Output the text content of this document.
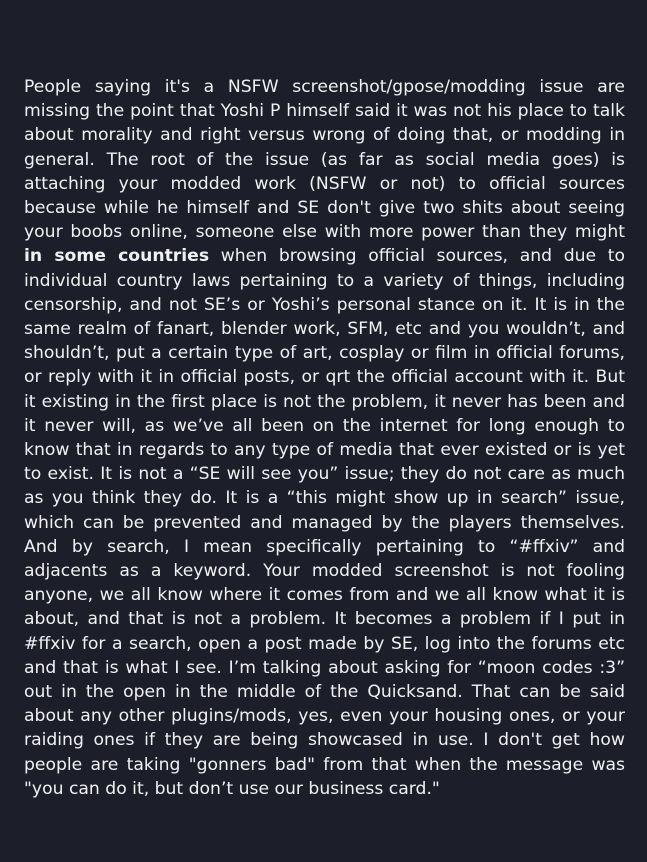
People saying it's a NSFW screenshot/gpose/modding issue are missing the point that Yoshi P himself said it was not his place to talk about morality and right versus wrong of doing that, or modding in general. The root of the issue (as far as social media goes) is attaching your modded work (NSFW or not) to official sources because while he himself and SE don't give two shits about seeing your boobs online, someone else with more power than they might in some countries when browsing official sources, and due to individual country laws pertaining to a variety of things, including censorship, and not SE’s or Yoshi’s personal stance on it. It is in the same realm of fanart, blender work, SFM, etc and you wouldn’t, and shouldn’t, put a certain type of art, cosplay or film in official forums, or reply with it in official posts, or qrt the official account with it. But it existing in the first place is not the problem, it never has been and it never will, as we’ve all been on the internet for long enough to know that in regards to any type of media that ever existed or is yet to exist. It is not a “SE will see you” issue; they do not care as much as you think they do. It is a “this might show up in search” issue, which can be prevented and managed by the players themselves. And by search, I mean specifically pertaining to “#ffxiv” and adjacents as a keyword. Your modded screenshot is not fooling anyone, we all know where it comes from and we all know what it is about, and that is not a problem. It becomes a problem if I put in #ffxiv for a search, open a post made by SE, log into the forums etc and that is what I see. I’m talking about asking for “moon codes :3” out in the open in the middle of the Quicksand. That can be said about any other plugins/mods, yes, even your housing ones, or your raiding ones if they are being showcased in use. I don't get how people are taking "gonners bad" from that when the message was "you can do it, but don’t use our business card."
